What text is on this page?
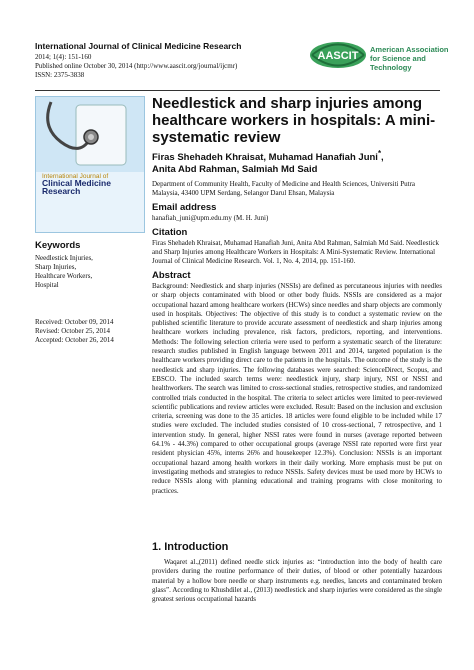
International Journal of Clinical Medicine Research
2014; 1(4): 151-160
Published online October 30, 2014 (http://www.aascit.org/journal/ijcmr)
ISSN: 2375-3838
AASCIT
American Association for Science and Technology
International Journal of
Clinical Medicine Research
Needlestick and sharp injuries among healthcare workers in hospitals: A mini-systematic review
Firas Shehadeh Khraisat, Muhamad Hanafiah Juni*,
Anita Abd Rahman, Salmiah Md Said
Department of Community Health, Faculty of Medicine and Health Sciences, Universiti Putra Malaysia, 43400 UPM Serdang, Selangor Darul Ehsan, Malaysia
Email address
hanafiah_juni@upm.edu.my (M. H. Juni)
Citation
Firas Shehadeh Khraisat, Muhamad Hanafiah Juni, Anita Abd Rahman, Salmiah Md Said. Needlestick and Sharp Injuries among Healthcare Workers in Hospitals: A Mini-Systematic Review. International Journal of Clinical Medicine Research. Vol. 1, No. 4, 2014, pp. 151-160.
Keywords
Needlestick Injuries,
Sharp Injuries,
Healthcare Workers,
Hospital
Received: October 09, 2014
Revised: October 25, 2014
Accepted: October 26, 2014
Abstract
Background: Needlestick and sharp injuries (NSSIs) are defined as percutaneous injuries with needles or sharp objects contaminated with blood or other body fluids. NSSIs are considered as a major occupational hazard among healthcare workers (HCWs) since needles and sharp objects are commonly used in hospitals. Objectives: The objective of this study is to conduct a systematic review on the published scientific literature to provide accurate assessment of needlestick and sharp injuries among healthcare workers including prevalence, risk factors, predictors, reporting, and interventions. Methods: The following selection criteria were used to perform a systematic search of the literature: research studies published in English language between 2011 and 2014, targeted population is the healthcare workers providing direct care to the patients in the hospitals. The outcome of the study is the needlestick and sharp injuries. The following databases were searched: ScienceDirect, Scopus, and EBSCO. The included search terms were: needlestick injury, sharp injury, NSI or NSSI and healthworkers. The search was limited to cross-sectional studies, retrospective studies, and randomized controlled trials conducted in the hospital. The criteria to select articles were limited to peer-reviewed scientific publications and review articles were excluded. Result: Based on the inclusion and exclusion criteria, screening was done to the 35 articles. 18 articles were found eligible to be included while 17 studies were excluded. The included studies consisted of 10 cross-sectional, 7 retrospective, and 1 intervention study. In general, higher NSSI rates were found in nurses (average reported between 64.1% - 44.3%) compared to other occupational groups (average NSSI rate reported were first year resident physician 45%, interns 26% and housekeeper 12.3%). Conclusion: NSSIs is an important occupational hazard among health workers in their daily working. More emphasis must be put on investigating methods and strategies to reduce NSSIs. Safety devices must be used more by HCWs to reduce NSSIs along with planning educational and training programs with close monitoring to practices.
1. Introduction
Waqaret al.,(2011) defined needle stick injuries as: “introduction into the body of health care providers during the routine performance of their duties, of blood or other potentially hazardous material by a hollow bore needle or sharp instruments e.g. needles, lancets and contaminated broken glass”. According to Khushdilet al., (2013) needlestick and sharp injuries were considered as the single greatest serious occupational hazards
